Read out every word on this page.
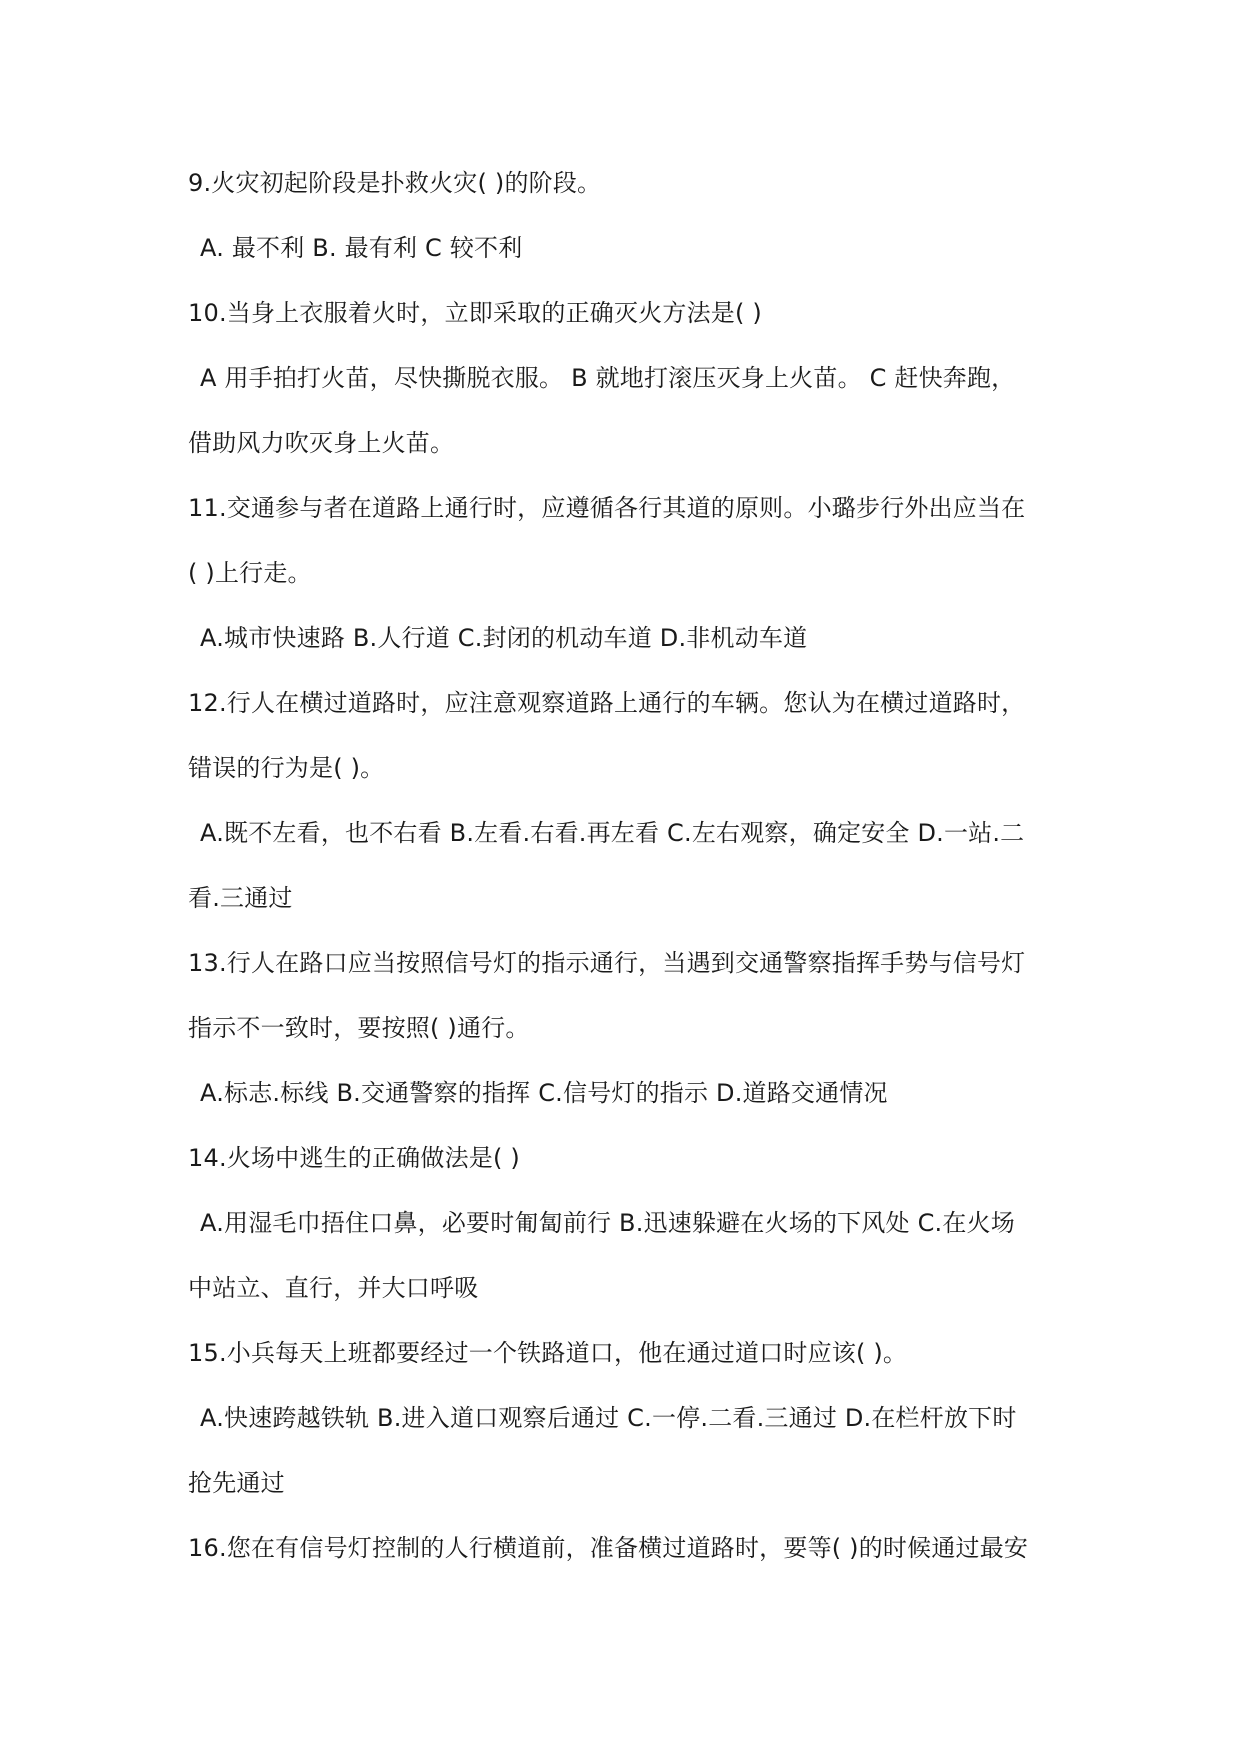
9.火灾初起阶段是扑救火灾( )的阶段。
A. 最不利 B. 最有利 C 较不利
10.当身上衣服着火时，立即采取的正确灭火方法是( )
A 用手拍打火苗，尽快撕脱衣服。 B 就地打滚压灭身上火苗。 C 赶快奔跑，
借助风力吹灭身上火苗。
11.交通参与者在道路上通行时，应遵循各行其道的原则。小璐步行外出应当在
( )上行走。
A.城市快速路 B.人行道 C.封闭的机动车道 D.非机动车道
12.行人在横过道路时，应注意观察道路上通行的车辆。您认为在横过道路时，
错误的行为是( )。
A.既不左看，也不右看 B.左看.右看.再左看 C.左右观察，确定安全 D.一站.二
看.三通过
13.行人在路口应当按照信号灯的指示通行，当遇到交通警察指挥手势与信号灯
指示不一致时，要按照( )通行。
A.标志.标线 B.交通警察的指挥 C.信号灯的指示 D.道路交通情况
14.火场中逃生的正确做法是( )
A.用湿毛巾捂住口鼻，必要时匍匐前行 B.迅速躲避在火场的下风处 C.在火场
中站立、直行，并大口呼吸
15.小兵每天上班都要经过一个铁路道口，他在通过道口时应该( )。
A.快速跨越铁轨 B.进入道口观察后通过 C.一停.二看.三通过 D.在栏杆放下时
抢先通过
16.您在有信号灯控制的人行横道前，准备横过道路时，要等( )的时候通过最安
